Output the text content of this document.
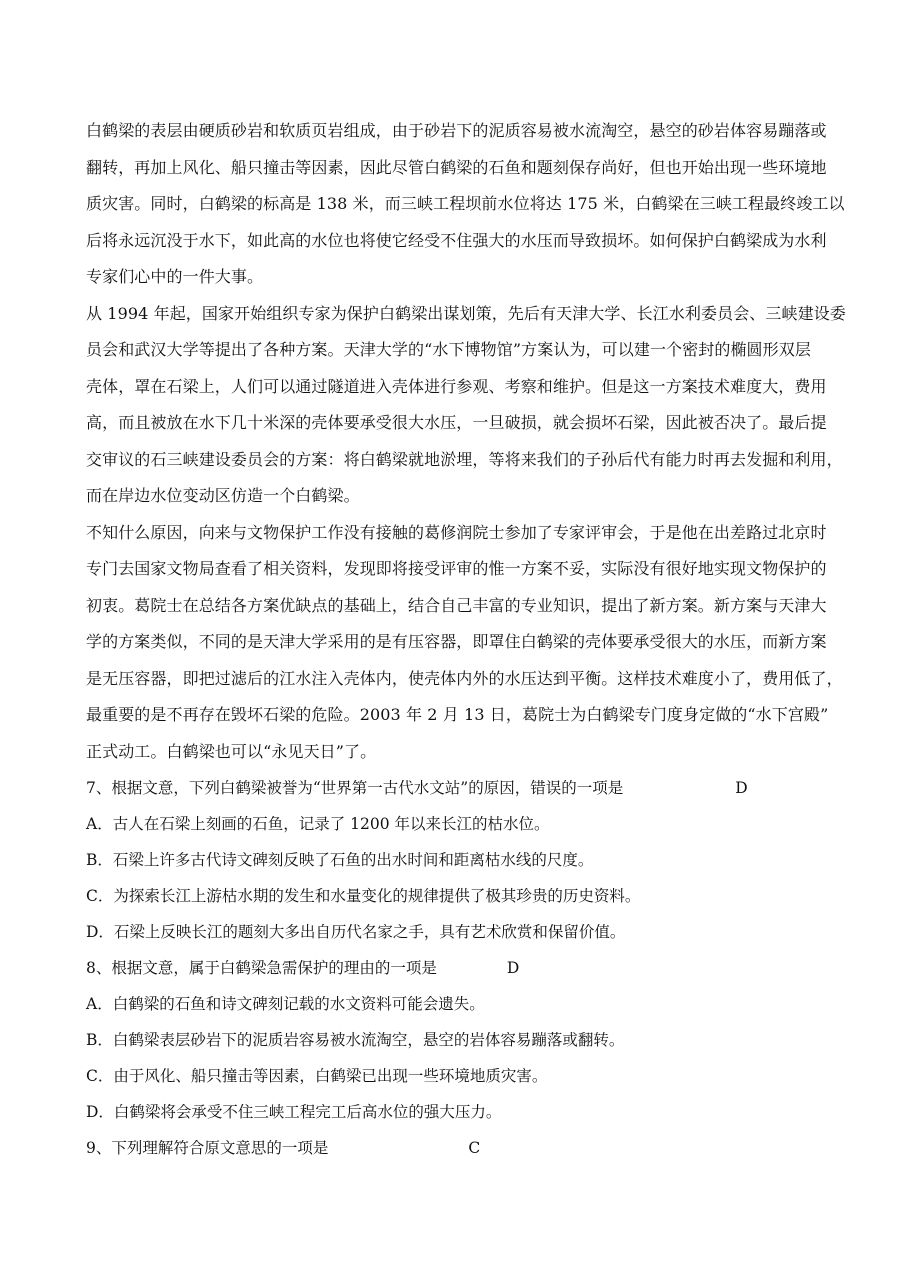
白鹤梁的表层由硬质砂岩和软质页岩组成，由于砂岩下的泥质容易被水流淘空，悬空的砂岩体容易蹦落或
翻转，再加上风化、船只撞击等因素，因此尽管白鹤梁的石鱼和题刻保存尚好，但也开始出现一些环境地
质灾害。同时，白鹤梁的标高是 138 米，而三峡工程坝前水位将达 175 米，白鹤梁在三峡工程最终竣工以
后将永远沉没于水下，如此高的水位也将使它经受不住强大的水压而导致损坏。如何保护白鹤梁成为水利
专家们心中的一件大事。
从 1994 年起，国家开始组织专家为保护白鹤梁出谋划策，先后有天津大学、长江水利委员会、三峡建设委
员会和武汉大学等提出了各种方案。天津大学的“水下博物馆”方案认为，可以建一个密封的椭圆形双层
壳体，罩在石梁上，人们可以通过隧道进入壳体进行参观、考察和维护。但是这一方案技术难度大，费用
高，而且被放在水下几十米深的壳体要承受很大水压，一旦破损，就会损坏石梁，因此被否决了。最后提
交审议的石三峡建设委员会的方案：将白鹤梁就地淤埋，等将来我们的子孙后代有能力时再去发掘和利用，
而在岸边水位变动区仿造一个白鹤梁。
不知什么原因，向来与文物保护工作没有接触的葛修润院士参加了专家评审会，于是他在出差路过北京时
专门去国家文物局查看了相关资料，发现即将接受评审的惟一方案不妥，实际没有很好地实现文物保护的
初衷。葛院士在总结各方案优缺点的基础上，结合自己丰富的专业知识，提出了新方案。新方案与天津大
学的方案类似，不同的是天津大学采用的是有压容器，即罩住白鹤梁的壳体要承受很大的水压，而新方案
是无压容器，即把过滤后的江水注入壳体内，使壳体内外的水压达到平衡。这样技术难度小了，费用低了，
最重要的是不再存在毁坏石梁的危险。2003 年 2 月 13 日，葛院士为白鹤梁专门度身定做的“水下宫殿”
正式动工。白鹤梁也可以“永见天日”了。
7、根据文意，下列白鹤梁被誉为“世界第一古代水文站”的原因，错误的一项是	D
A．古人在石梁上刻画的石鱼，记录了 1200 年以来长江的枯水位。
B．石梁上许多古代诗文碑刻反映了石鱼的出水时间和距离枯水线的尺度。
C．为探索长江上游枯水期的发生和水量变化的规律提供了极其珍贵的历史资料。
D．石梁上反映长江的题刻大多出自历代名家之手，具有艺术欣赏和保留价值。
8、根据文意，属于白鹤梁急需保护的理由的一项是	D
A．白鹤梁的石鱼和诗文碑刻记载的水文资料可能会遗失。
B．白鹤梁表层砂岩下的泥质岩容易被水流淘空，悬空的岩体容易蹦落或翻转。
C．由于风化、船只撞击等因素，白鹤梁已出现一些环境地质灾害。
D．白鹤梁将会承受不住三峡工程完工后高水位的强大压力。
9、下列理解符合原文意思的一项是	C
